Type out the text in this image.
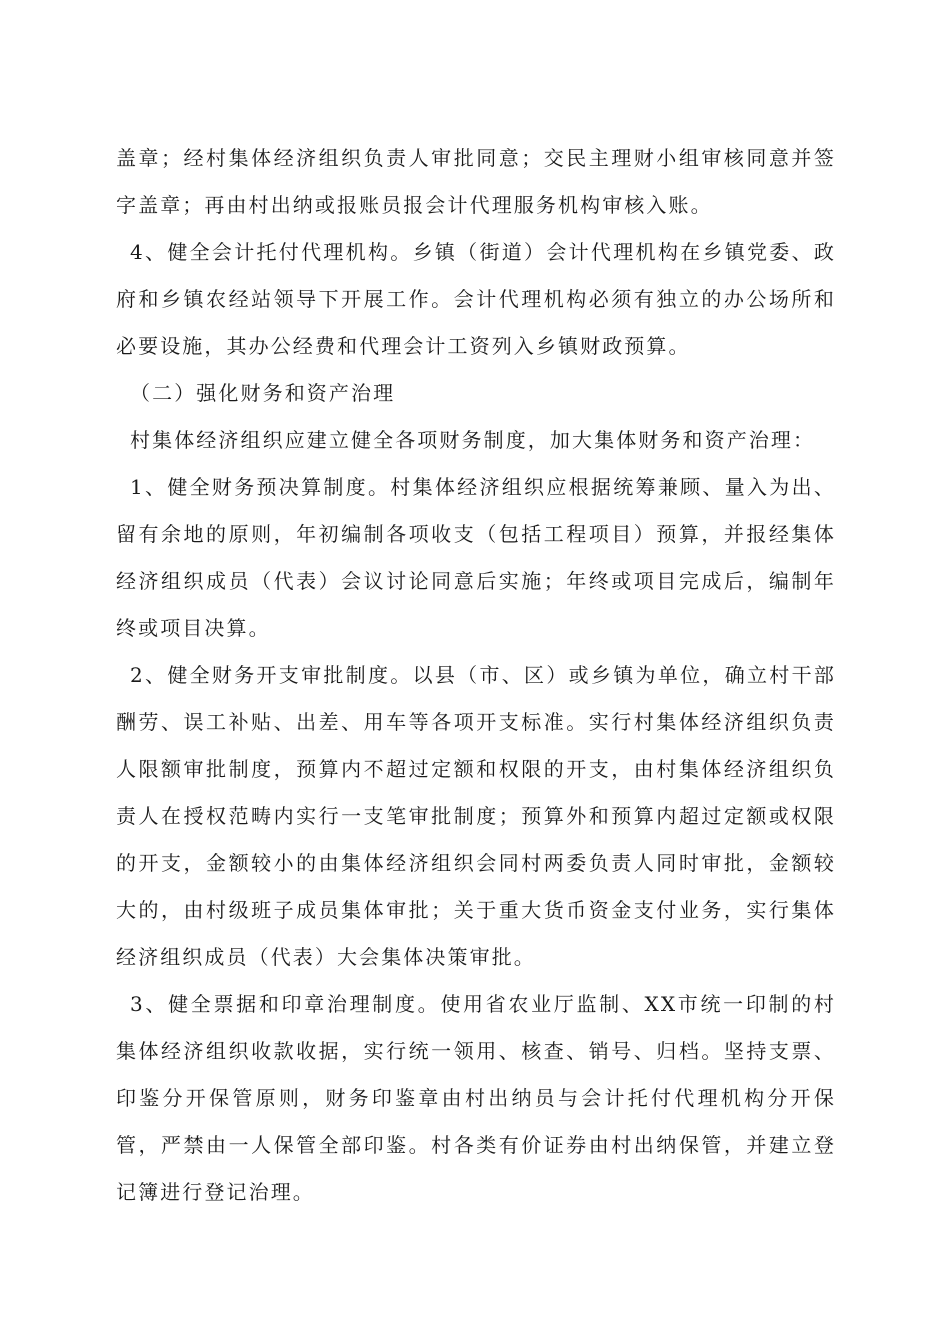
盖章；经村集体经济组织负责人审批同意；交民主理财小组审核同意并签字盖章；再由村出纳或报账员报会计代理服务机构审核入账。

4、健全会计托付代理机构。乡镇（街道）会计代理机构在乡镇党委、政府和乡镇农经站领导下开展工作。会计代理机构必须有独立的办公场所和必要设施，其办公经费和代理会计工资列入乡镇财政预算。

（二）强化财务和资产治理

村集体经济组织应建立健全各项财务制度，加大集体财务和资产治理：

1、健全财务预决算制度。村集体经济组织应根据统筹兼顾、量入为出、留有余地的原则，年初编制各项收支（包括工程项目）预算，并报经集体经济组织成员（代表）会议讨论同意后实施；年终或项目完成后，编制年终或项目决算。

2、健全财务开支审批制度。以县（市、区）或乡镇为单位，确立村干部酬劳、误工补贴、出差、用车等各项开支标准。实行村集体经济组织负责人限额审批制度，预算内不超过定额和权限的开支，由村集体经济组织负责人在授权范畴内实行一支笔审批制度；预算外和预算内超过定额或权限的开支，金额较小的由集体经济组织会同村两委负责人同时审批，金额较大的，由村级班子成员集体审批；关于重大货币资金支付业务，实行集体经济组织成员（代表）大会集体决策审批。

3、健全票据和印章治理制度。使用省农业厅监制、XX市统一印制的村集体经济组织收款收据，实行统一领用、核查、销号、归档。坚持支票、印鉴分开保管原则，财务印鉴章由村出纳员与会计托付代理机构分开保管，严禁由一人保管全部印鉴。村各类有价证券由村出纳保管，并建立登记簿进行登记治理。
